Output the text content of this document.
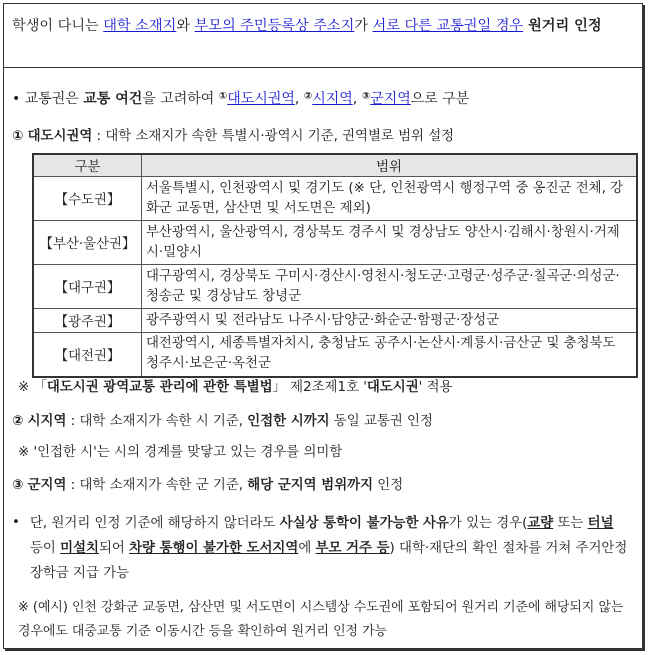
학생이 다니는 대학 소재지와 부모의 주민등록상 주소지가 서로 다른 교통권일 경우 원거리 인정
• 교통권은 교통 여건을 고려하여 ①대도시권역, ②시지역, ③군지역으로 구분
① 대도시권역 : 대학 소재지가 속한 특별시·광역시 기준, 권역별로 범위 설정
구분	범위
【수도권】	서울특별시, 인천광역시 및 경기도 (※ 단, 인천광역시 행정구역 중 옹진군 전체, 강화군 교동면, 삼산면 및 서도면은 제외)
【부산·울산권】	부산광역시, 울산광역시, 경상북도 경주시 및 경상남도 양산시·김해시·창원시·거제시·밀양시
【대구권】	대구광역시, 경상북도 구미시·경산시·영천시·청도군·고령군·성주군·칠곡군·의성군·청송군 및 경상남도 창녕군
【광주권】	광주광역시 및 전라남도 나주시·담양군·화순군·함평군·장성군
【대전권】	대전광역시, 세종특별자치시, 충청남도 공주시·논산시·계룡시·금산군 및 충청북도 청주시·보은군·옥천군
※ 「대도시권 광역교통 관리에 관한 특별법」 제2조제1호 '대도시권' 적용
② 시지역 : 대학 소재지가 속한 시 기준, 인접한 시까지 동일 교통권 인정
※ '인접한 시'는 시의 경계를 맞닿고 있는 경우를 의미함
③ 군지역 : 대학 소재지가 속한 군 기준, 해당 군지역 범위까지 인정
• 단, 원거리 인정 기준에 해당하지 않더라도 사실상 통학이 불가능한 사유가 있는 경우(교량 또는 터널 등이 미설치되어 차량 통행이 불가한 도서지역에 부모 거주 등) 대학·재단의 확인 절차를 거쳐 주거안정장학금 지급 가능
※ (예시) 인천 강화군 교동면, 삼산면 및 서도면이 시스템상 수도권에 포함되어 원거리 기준에 해당되지 않는 경우에도 대중교통 기준 이동시간 등을 확인하여 원거리 인정 가능
